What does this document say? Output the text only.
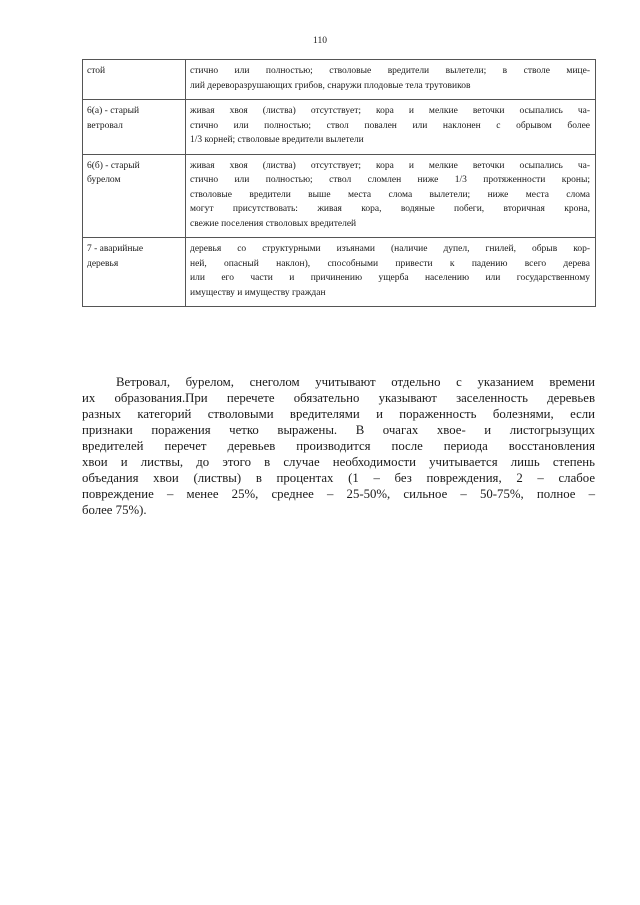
110
стой	стично или полностью; стволовые вредители вылетели; в стволе мице-
лий дереворазрушающих грибов, снаружи плодовые тела трутовиков

6(а) - старый
ветровал	живая хвоя (листва) отсутствует; кора и мелкие веточки осыпались ча-
стично или полностью; ствол повален или наклонен с обрывом более
1/3 корней; стволовые вредители вылетели

6(б) - старый
бурелом	живая хвоя (листва) отсутствует; кора и мелкие веточки осыпались ча-
стично или полностью; ствол сломлен ниже 1/3 протяженности кроны;
стволовые вредители выше места слома вылетели; ниже места слома
могут присутствовать: живая кора, водяные побеги, вторичная крона,
свежие поселения стволовых вредителей

7 - аварийные
деревья	деревья со структурными изъянами (наличие дупел, гнилей, обрыв кор-
ней, опасный наклон), способными привести к падению всего дерева
или его части и причинению ущерба населению или государственному
имуществу и имуществу граждан
Ветровал, бурелом, снеголом учитывают отдельно с указанием времени
их образования.При перечете обязательно указывают заселенность деревьев
разных категорий стволовыми вредителями и пораженность болезнями, если
признаки поражения четко выражены. В очагах хвое- и листогрызущих
вредителей перечет деревьев производится после периода восстановления
хвои и листвы, до этого в случае необходимости учитывается лишь степень
объедания хвои (листвы) в процентах (1 – без повреждения, 2 – слабое
повреждение – менее 25%, среднее – 25-50%, сильное – 50-75%, полное –
более 75%).
